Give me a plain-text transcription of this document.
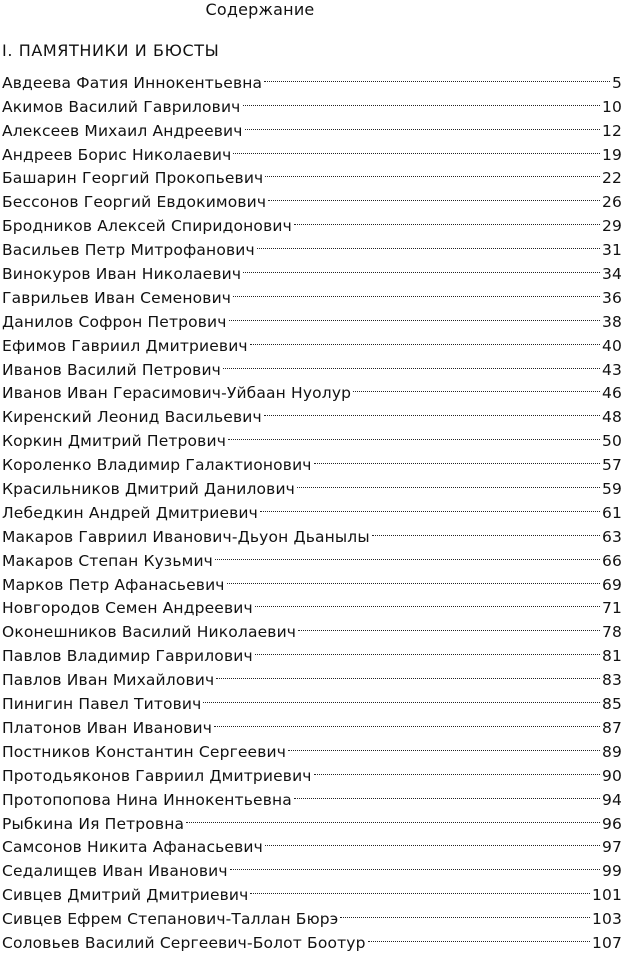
Содержание
I. ПАМЯТНИКИ И БЮСТЫ
Авдеева Фатия Иннокентьевна	5
Акимов Василий Гаврилович	10
Алексеев Михаил Андреевич	12
Андреев Борис Николаевич	19
Башарин Георгий Прокопьевич	22
Бессонов Георгий Евдокимович	26
Бродников Алексей Спиридонович	29
Васильев Петр Митрофанович	31
Винокуров Иван Николаевич	34
Гаврильев Иван Семенович	36
Данилов Софрон Петрович	38
Ефимов Гавриил Дмитриевич	40
Иванов Василий Петрович	43
Иванов Иван Герасимович-Уйбаан Нуолур	46
Киренский Леонид Васильевич	48
Коркин Дмитрий Петрович	50
Короленко Владимир Галактионович	57
Красильников Дмитрий Данилович	59
Лебедкин Андрей Дмитриевич	61
Макаров Гавриил Иванович-Дьуон Дьанылы	63
Макаров Степан Кузьмич	66
Марков Петр Афанасьевич	69
Новгородов Семен Андреевич	71
Оконешников Василий Николаевич	78
Павлов Владимир Гаврилович	81
Павлов Иван Михайлович	83
Пинигин Павел Титович	85
Платонов Иван Иванович	87
Постников Константин Сергеевич	89
Протодьяконов Гавриил Дмитриевич	90
Протопопова Нина Иннокентьевна	94
Рыбкина Ия Петровна	96
Самсонов Никита Афанасьевич	97
Седалищев Иван Иванович	99
Сивцев Дмитрий Дмитриевич	101
Сивцев Ефрем Степанович-Таллан Бюрэ	103
Соловьев Василий Сергеевич-Болот Боотур	107
